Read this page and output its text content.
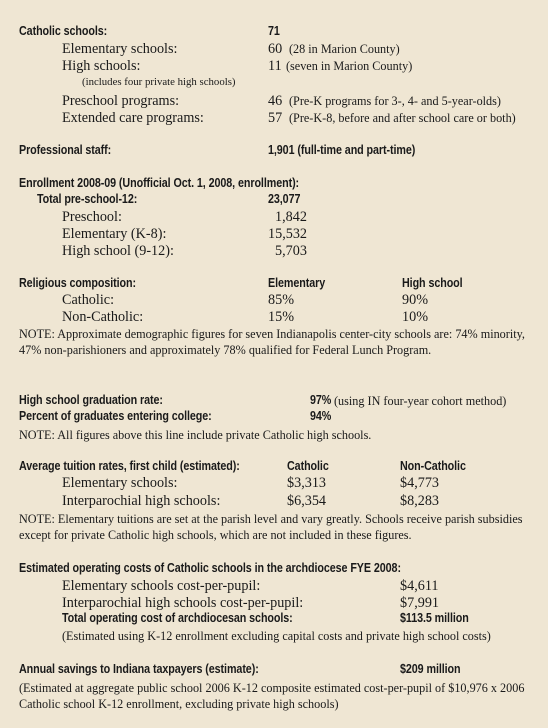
Catholic schools:	71
Elementary schools:	60 (28 in Marion County)
High schools:	11 (seven in Marion County)
(includes four private high schools)
Preschool programs:	46 (Pre-K programs for 3-, 4- and 5-year-olds)
Extended care programs:	57 (Pre-K-8, before and after school care or both)
Professional staff:	1,901 (full-time and part-time)
Enrollment 2008-09 (Unofficial Oct. 1, 2008, enrollment):
Total pre-school-12:	23,077
Preschool:	1,842
Elementary (K-8):	15,532
High school (9-12):	5,703
Religious composition:	Elementary	High school
Catholic:	85%	90%
Non-Catholic:	15%	10%
NOTE: Approximate demographic figures for seven Indianapolis center-city schools are: 74% minority, 47% non-parishioners and approximately 78% qualified for Federal Lunch Program.
High school graduation rate:	97% (using IN four-year cohort method)
Percent of graduates entering college:	94%
NOTE: All figures above this line include private Catholic high schools.
Average tuition rates, first child (estimated):	Catholic	Non-Catholic
Elementary schools:	$3,313	$4,773
Interparochial high schools:	$6,354	$8,283
NOTE: Elementary tuitions are set at the parish level and vary greatly. Schools receive parish subsidies except for private Catholic high schools, which are not included in these figures.
Estimated operating costs of Catholic schools in the archdiocese FYE 2008:
Elementary schools cost-per-pupil:	$4,611
Interparochial high schools cost-per-pupil:	$7,991
Total operating cost of archdiocesan schools:	$113.5 million
(Estimated using K-12 enrollment excluding capital costs and private high school costs)
Annual savings to Indiana taxpayers (estimate):	$209 million
(Estimated at aggregate public school 2006 K-12 composite estimated cost-per-pupil of $10,976 x 2006 Catholic school K-12 enrollment, excluding private high schools)
